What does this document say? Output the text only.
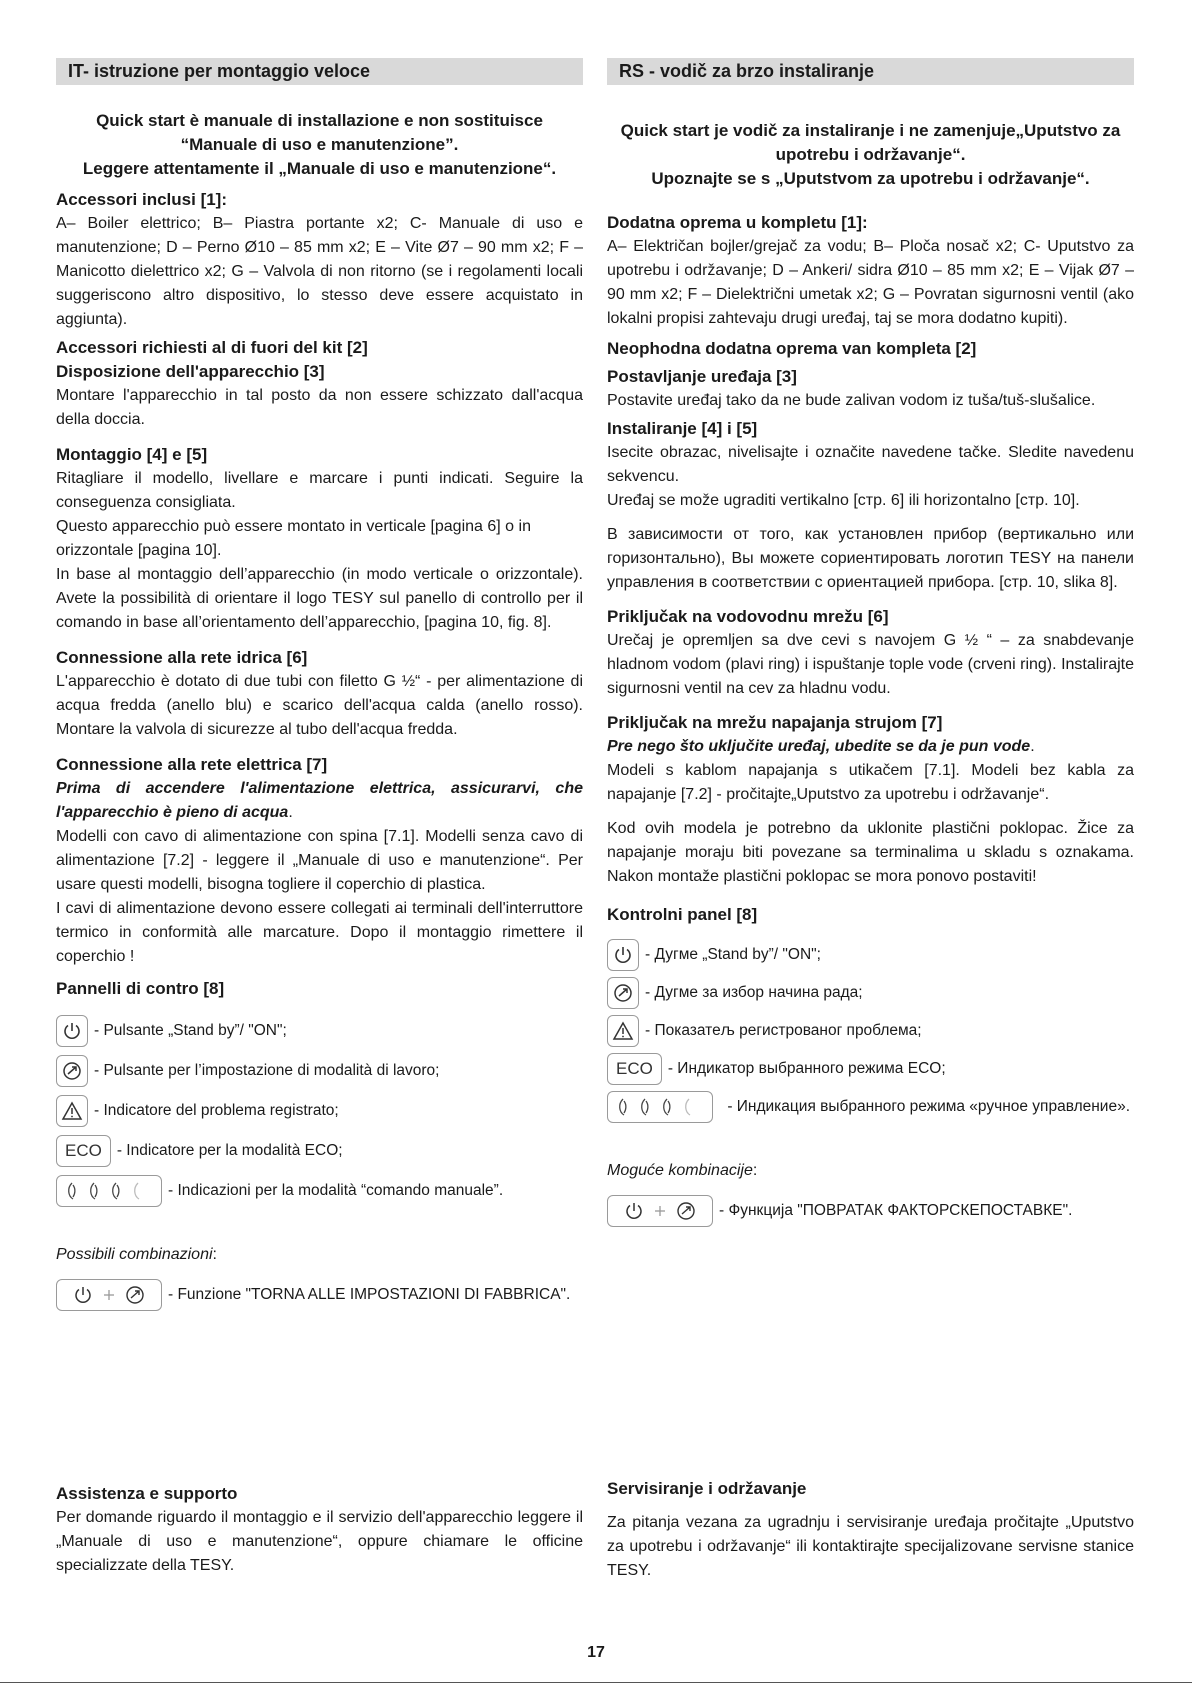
IT- istruzione per montaggio veloce
Quick start è manuale di installazione e non sostituisce
“Manuale di uso e manutenzione”.
Leggere attentamente il „Manuale di uso e manutenzione“.

Accessori inclusi [1]:

A– Boiler elettrico; B– Piastra portante x2; C- Manuale di uso e manutenzione; D – Perno Ø10 – 85 mm x2; E – Vite Ø7 – 90 mm x2; F – Manicotto dielettrico x2; G – Valvola di non ritorno (se i regolamenti locali suggeriscono altro dispositivo, lo stesso deve essere acquistato in aggiunta).

Accessori richiesti al di fuori del kit [2]

Disposizione dell'apparecchio [3]

Montare l'apparecchio in tal posto da non essere schizzato dall'acqua della doccia.

Montaggio [4] e [5]

Ritagliare il modello, livellare e marcare i punti indicati. Seguire la conseguenza consigliata.

Questo apparecchio può essere montato in verticale [pagina 6] o in orizzontale [pagina 10].

In base al montaggio dell’apparecchio (in modo verticale o orizzontale). Avete la possibilità di orientare il logo TESY sul panello di controllo per il comando in base all’orientamento dell’apparecchio, [pagina 10, fig. 8].

Connessione alla rete idrica [6]

L'apparecchio è dotato di due tubi con filetto G ½“ - per alimentazione di acqua fredda (anello blu) e scarico dell'acqua calda (anello rosso). Montare la valvola di sicurezze al tubo dell'acqua fredda.

Connessione alla rete elettrica [7]

Prima di accendere l'alimentazione elettrica, assicurarvi, che l'apparecchio è pieno di acqua.

Modelli con cavo di alimentazione con spina [7.1]. Modelli senza cavo di alimentazione [7.2] - leggere il „Manuale di uso e manutenzione“. Per usare questi modelli, bisogna togliere il coperchio di plastica.

I cavi di alimentazione devono essere collegati ai terminali dell'interruttore termico in conformità alle marcature. Dopo il montaggio rimettere il coperchio !

Pannelli di contro [8]

- Pulsante „Stand by”/ "ON";
- Pulsante per l’impostazione di modalità di lavoro;
- Indicatore del problema registrato;
ECO - Indicatore per la modalità ECO;
- Indicazioni per la modalità “comando manuale”.

Possibili combinazioni:

- Funzione "TORNA ALLE IMPOSTAZIONI DI FABBRICA".
RS - vodič za brzo instaliranje
Quick start je vodič za instaliranje i ne zamenjuje„Uputstvo za upotrebu i održavanje“.
Upoznajte se s „Uputstvom za upotrebu i održavanje“.

Dodatna oprema u kompletu [1]:

A– Električan bojler/grejač za vodu; B– Ploča nosač x2; C- Uputstvo za upotrebu i održavanje; D – Ankeri/ sidra Ø10 – 85 mm x2; E – Vijak Ø7 – 90 mm x2; F – Dielektrični umetak x2; G – Povratan sigurnosni ventil (ako lokalni propisi zahtevaju drugi uređaj, taj se mora dodatno kupiti).

Neophodna dodatna oprema van kompleta [2]

Postavljanje uređaja [3]

Postavite uređaj tako da ne bude zalivan vodom iz tuša/tuš-slušalice.

Instaliranje [4] i [5]

Isecite obrazac, nivelisajte i označite navedene tačke. Sledite navedenu sekvencu.

Uređaj se može ugraditi vertikalno [стр. 6] ili horizontalno [стр. 10].

В зависимости от того, как установлен прибор (вертикально или горизонтально), Вы можете сориентировать логотип TESY на панели управления в соответствии с ориентацией прибора. [стр. 10, slika 8].

Priključak na vodovodnu mrežu [6]

Urečaj je opremljen sa dve cevi s navojem G ½ “ – za snabdevanje hladnom vodom (plavi ring) i ispuštanje tople vode (crveni ring). Instalirajte sigurnosni ventil na cev za hladnu vodu.

Priključak na mrežu napajanja strujom [7]

Pre nego što uključite uređaj, ubedite se da je pun vode.

Modeli s kablom napajanja s utikačem [7.1]. Modeli bez kabla za napajanje [7.2] - pročitajte„Uputstvo za upotrebu i održavanje“.

Kod ovih modela je potrebno da uklonite plastični poklopac. Žice za napajanje moraju biti povezane sa terminalima u skladu s oznakama. Nakon montaže plastični poklopac se mora ponovo postaviti!

Kontrolni panel [8]

- Дугме „Stand by”/ "ON";
- Дугме за избор начина рада;
- Показатељ регистрованог проблема;
ECO - Индикатор выбранного режима ECO;
- Индикация выбранного режима «ручное управление».

Moguće kombinacije:

- Функција "ПОВРАТАК ФАКТОРСКЕПОСТАВКЕ".

Assistenza e supporto

Per domande riguardo il montaggio e il servizio dell'apparecchio leggere il „Manuale di uso e manutenzione“, oppure chiamare le officine specializzate della TESY.

Servisiranje i održavanje

Za pitanja vezana za ugradnju i servisiranje uređaja pročitajte „Uputstvo za upotrebu i održavanje“ ili kontaktirajte specijalizovane servisne stanice TESY.

17
